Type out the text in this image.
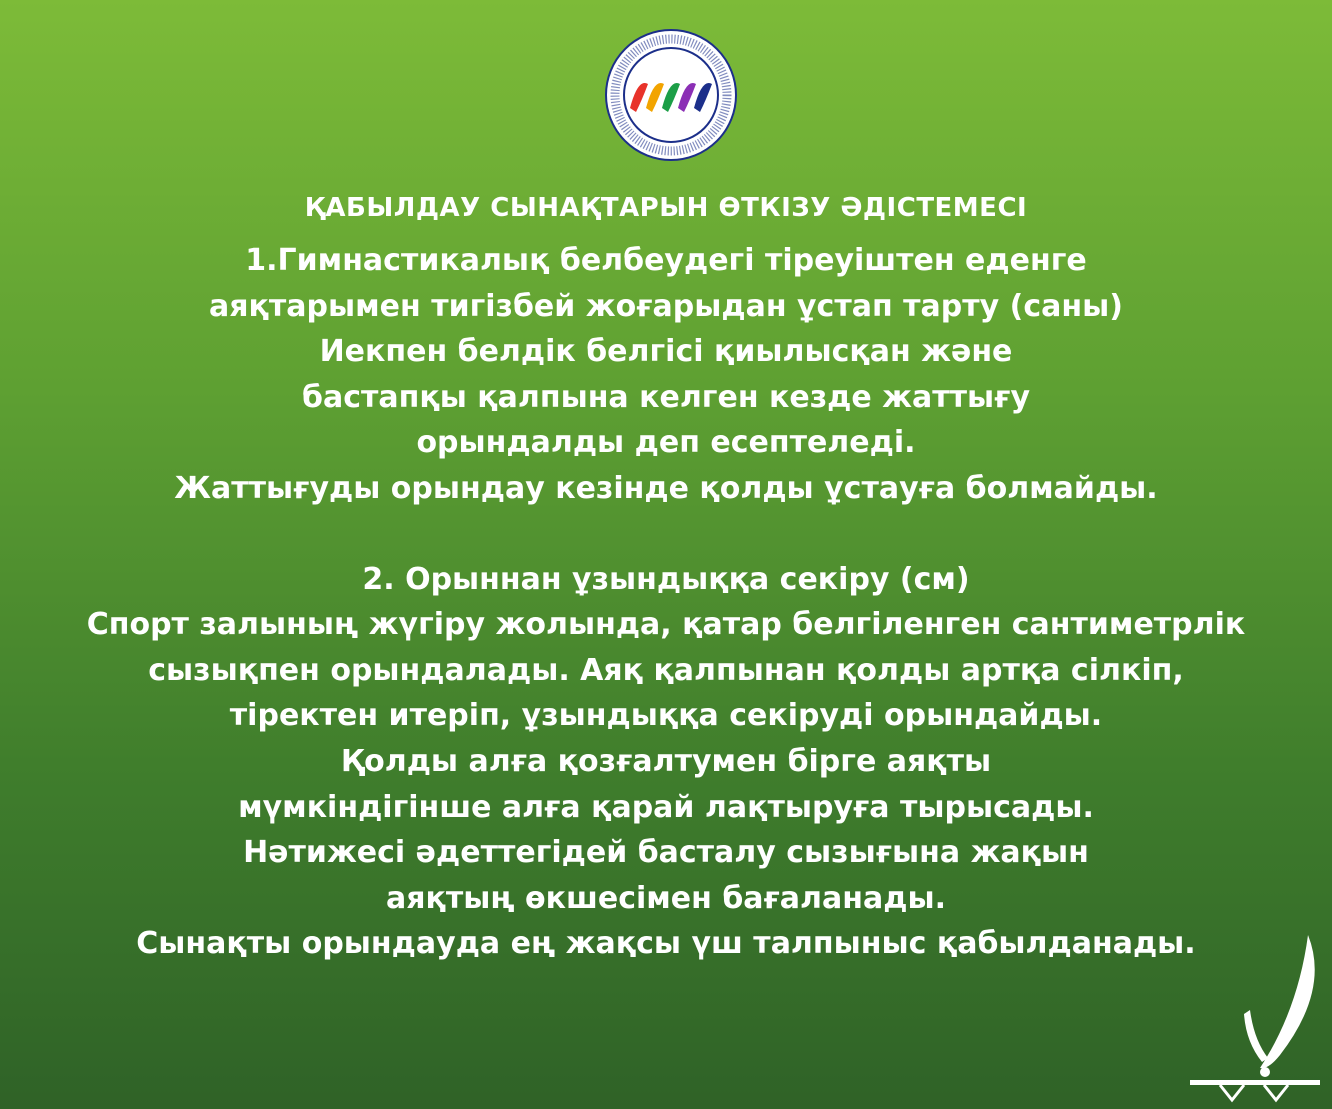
ҚАБЫЛДАУ СЫНАҚТАРЫН ӨТКІЗУ ӘДІСТЕМЕСІ
1.Гимнастикалық белбеудегі тіреуіштен еденге
аяқтарымен тигізбей жоғарыдан ұстап тарту (саны)
Иекпен белдік белгісі қиылысқан және
бастапқы қалпына келген кезде жаттығу
орындалды деп есептеледі.
Жаттығуды орындау кезінде қолды ұстауға болмайды.
2. Орыннан ұзындыққа секіру (см)
Спорт залының жүгіру жолында, қатар белгіленген сантиметрлік
сызықпен орындалады. Аяқ қалпынан қолды артқа сілкіп,
тіректен итеріп, ұзындыққа секіруді орындайды.
Қолды алға қозғалтумен бірге аяқты
мүмкіндігінше алға қарай лақтыруға тырысады.
Нәтижесі әдеттегідей басталу сызығына жақын
аяқтың өкшесімен бағаланады.
Сынақты орындауда ең жақсы үш талпыныс қабылданады.
